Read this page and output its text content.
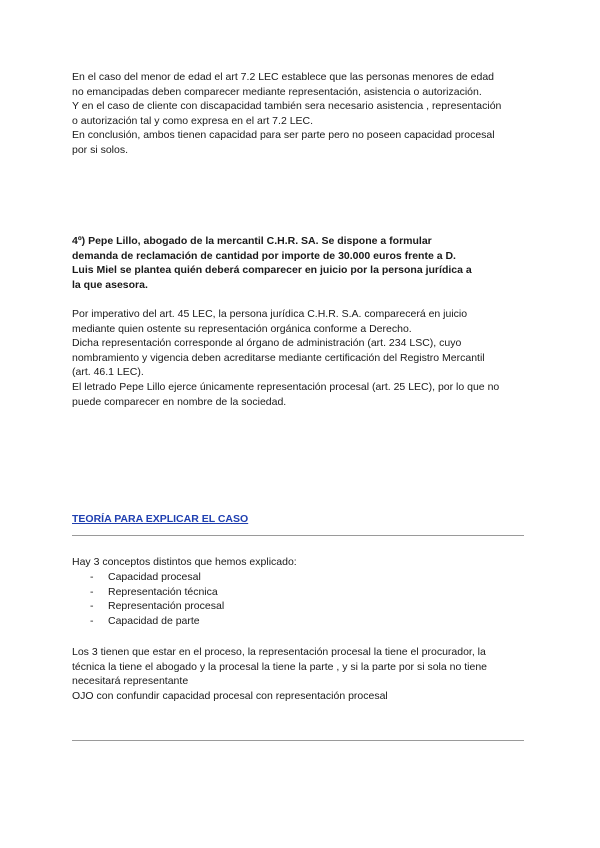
En el caso del menor de edad el art 7.2 LEC establece que las personas menores de edad
no emancipadas deben comparecer mediante representación, asistencia o autorización.
Y en el caso de cliente con discapacidad también sera necesario asistencia , representación
o autorización tal y como expresa en el art 7.2 LEC.
En conclusión, ambos tienen capacidad para ser parte pero no poseen capacidad procesal
por si solos.
4º) Pepe Lillo, abogado de la mercantil C.H.R. SA. Se dispone a formular
demanda de reclamación de cantidad por importe de 30.000 euros frente a D.
Luis Miel se plantea quién deberá comparecer en juicio por la persona jurídica a
la que asesora.
Por imperativo del art. 45 LEC, la persona jurídica C.H.R. S.A. comparecerá en juicio
mediante quien ostente su representación orgánica conforme a Derecho.
Dicha representación corresponde al órgano de administración (art. 234 LSC), cuyo
nombramiento y vigencia deben acreditarse mediante certificación del Registro Mercantil
(art. 46.1 LEC).
El letrado Pepe Lillo ejerce únicamente representación procesal (art. 25 LEC), por lo que no
puede comparecer en nombre de la sociedad.
TEORÍA PARA EXPLICAR EL CASO
Hay 3 conceptos distintos que hemos explicado:
-	Capacidad procesal
-	Representación técnica
-	Representación procesal
-	Capacidad de parte
Los 3 tienen que estar en el proceso, la representación procesal la tiene el procurador, la
técnica la tiene el abogado y la procesal la tiene la parte , y si la parte por si sola no tiene
necesitará representante
OJO con confundir capacidad procesal con representación procesal
